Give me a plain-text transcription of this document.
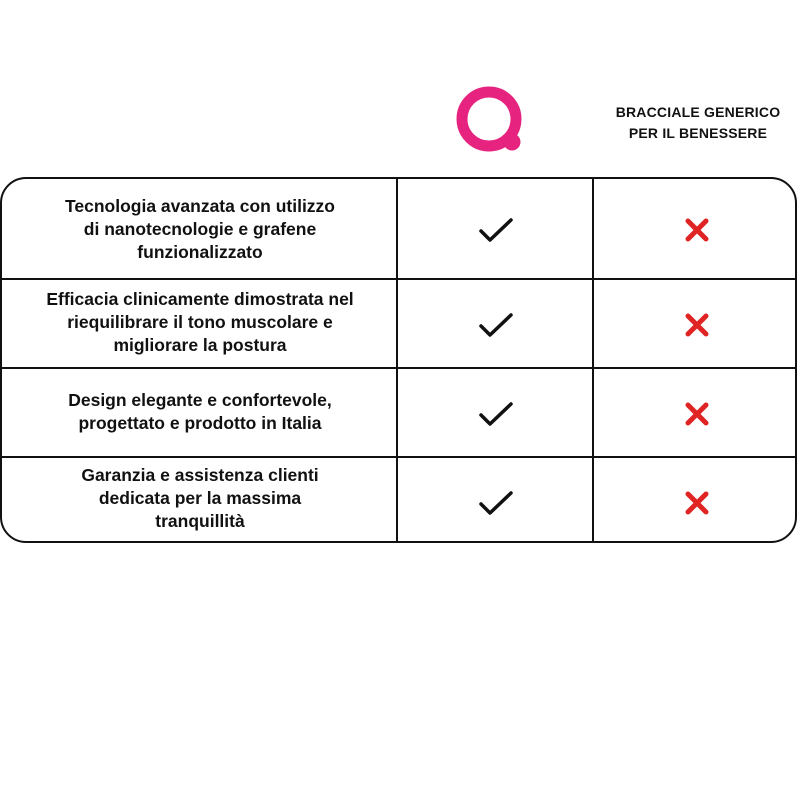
BRACCIALE GENERICO
PER IL BENESSERE
Tecnologia avanzata con utilizzo
di nanotecnologie e grafene
funzionalizzato
Efficacia clinicamente dimostrata nel
riequilibrare il tono muscolare e
migliorare la postura
Design elegante e confortevole,
progettato e prodotto in Italia
Garanzia e assistenza clienti
dedicata per la massima
tranquillità
